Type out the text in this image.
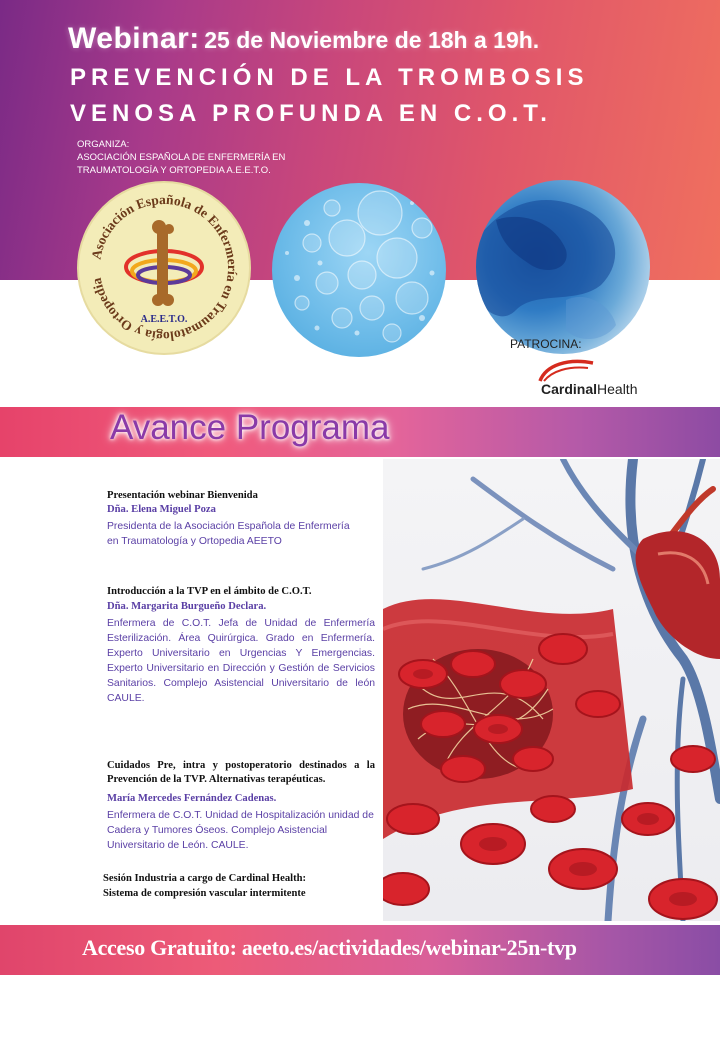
Webinar: 25 de Noviembre de 18h a 19h.
PREVENCIÓN DE LA TROMBOSIS
VENOSA PROFUNDA EN C.O.T.
ORGANIZA:
ASOCIACIÓN ESPAÑOLA DE ENFERMERÍA EN
TRAUMATOLOGÍA Y ORTOPEDIA A.E.E.T.O.
Asociación Española de Enfermería en Traumatología y Ortopedia
A.E.E.T.O.
PATROCINA:
CardinalHealth
Avance Programa
Presentación webinar Bienvenida
Dña. Elena Miguel Poza
Presidenta de la Asociación Española de Enfermería en Traumatología y Ortopedia AEETO
Introducción a la TVP en el ámbito de C.O.T.
Dña. Margarita Burgueño Declara.
Enfermera de C.O.T. Jefa de Unidad de Enfermería Esterilización. Área Quirúrgica. Grado en Enfermería. Experto Universitario en Urgencias Y Emergencias. Experto Universitario en Dirección y Gestión de Servicios Sanitarios. Complejo Asistencial Universitario de león CAULE.
Cuidados Pre, intra y postoperatorio destinados a la Prevención de la TVP. Alternativas terapéuticas.
María Mercedes Fernández Cadenas.
Enfermera de C.O.T. Unidad de Hospitalización unidad de Cadera y Tumores Óseos. Complejo Asistencial Universitario de León. CAULE.
Sesión Industria a cargo de Cardinal Health:
Sistema de compresión vascular intermitente
Acceso Gratuito: aeeto.es/actividades/webinar-25n-tvp
